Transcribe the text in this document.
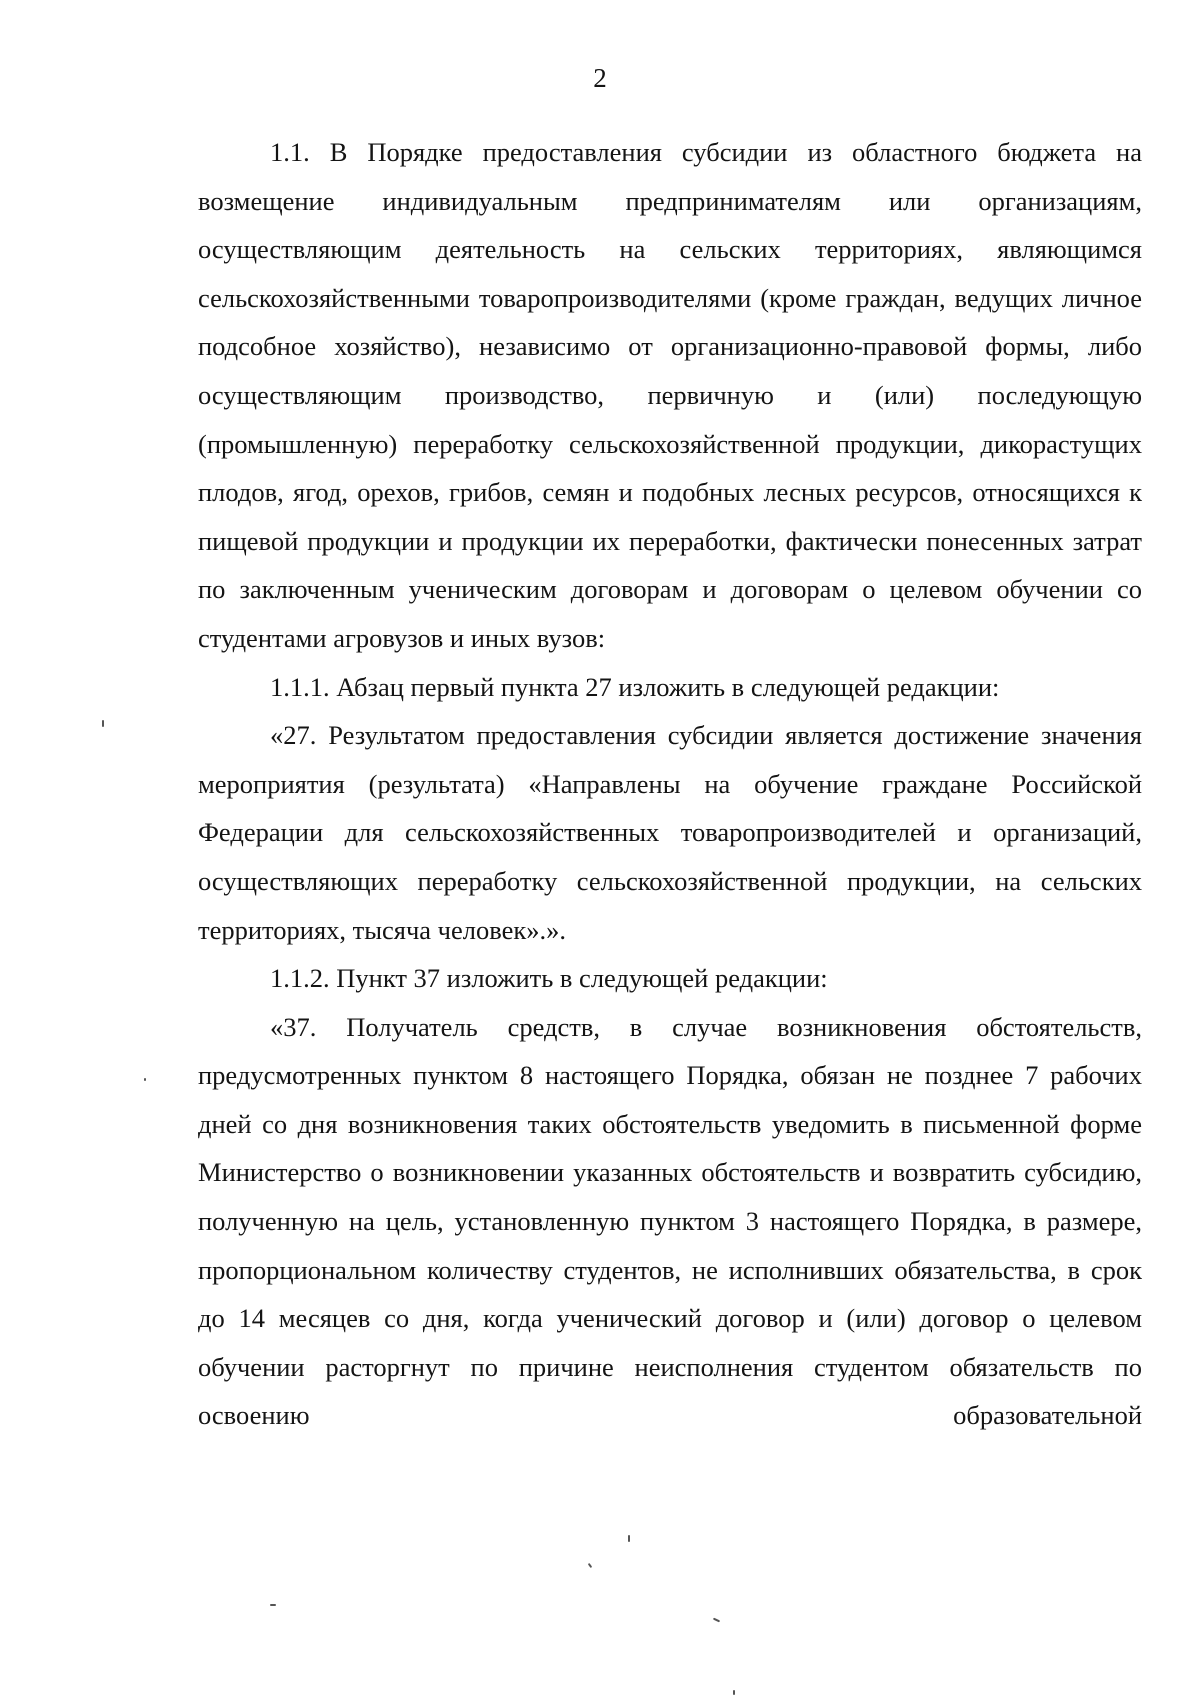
2

1.1. В Порядке предоставления субсидии из областного бюджета на возмещение индивидуальным предпринимателям или организациям, осуществляющим деятельность на сельских территориях, являющимся сельскохозяйственными товаропроизводителями (кроме граждан, ведущих личное подсобное хозяйство), независимо от организационно-правовой формы, либо осуществляющим производство, первичную и (или) последующую (промышленную) переработку сельскохозяйственной продукции, дикорастущих плодов, ягод, орехов, грибов, семян и подобных лесных ресурсов, относящихся к пищевой продукции и продукции их переработки, фактически понесенных затрат по заключенным ученическим договорам и договорам о целевом обучении со студентами агровузов и иных вузов:

1.1.1. Абзац первый пункта 27 изложить в следующей редакции:

«27. Результатом предоставления субсидии является достижение значения мероприятия (результата) «Направлены на обучение граждане Российской Федерации для сельскохозяйственных товаропроизводителей и организаций, осуществляющих переработку сельскохозяйственной продукции, на сельских территориях, тысяча человек».».

1.1.2. Пункт 37 изложить в следующей редакции:

«37. Получатель средств, в случае возникновения обстоятельств, предусмотренных пунктом 8 настоящего Порядка, обязан не позднее 7 рабочих дней со дня возникновения таких обстоятельств уведомить в письменной форме Министерство о возникновении указанных обстоятельств и возвратить субсидию, полученную на цель, установленную пунктом 3 настоящего Порядка, в размере, пропорциональном количеству студентов, не исполнивших обязательства, в срок до 14 месяцев со дня, когда ученический договор и (или) договор о целевом обучении расторгнут по причине неисполнения студентом обязательств по освоению образовательной
